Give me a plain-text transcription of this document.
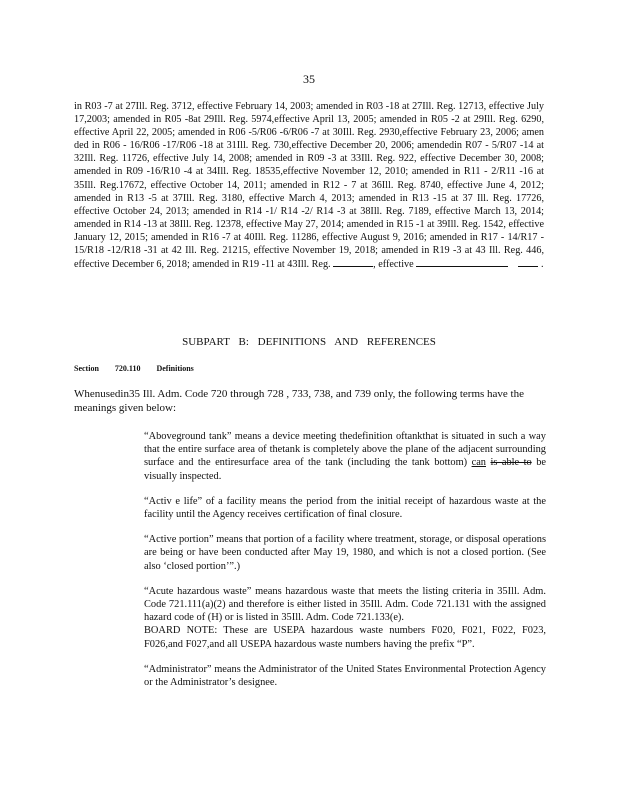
35
in R03 -7 at 27Ill. Reg. 3712, effective February 14, 2003; amended in R03 -18 at 27Ill. Reg. 12713, effective July 17,2003; amended in R05 -8at 29Ill. Reg. 5974,effective April 13, 2005; amended in R05 -2 at 29Ill. Reg. 6290, effective April 22, 2005; amended in R06 -5/R06 -6/R06 -7 at 30Ill. Reg. 2930,effective February 23, 2006; amen ded in R06 - 16/R06 -17/R06 -18 at 31Ill. Reg. 730,effective December 20, 2006; amendedin R07 - 5/R07 -14 at 32Ill. Reg. 11726, effective July 14, 2008; amended in R09 -3 at 33Ill. Reg. 922, effective December 30, 2008; amended in R09 -16/R10 -4 at 34Ill. Reg. 18535,effective November 12, 2010; amended in R11 - 2/R11 -16 at 35Ill. Reg.17672, effective October 14, 2011; amended in R12 - 7 at 36Ill. Reg. 8740, effective June 4, 2012; amended in R13 -5 at 37Ill. Reg. 3180, effective March 4, 2013; amended in R13 -15 at 37 Ill. Reg. 17726, effective October 24, 2013; amended in R14 -1/ R14 -2/ R14 -3 at 38Ill. Reg. 7189, effective March 13, 2014; amended in R14 -13 at 38Ill. Reg. 12378, effective May 27, 2014; amended in R15 -1 at 39Ill. Reg. 1542, effective January 12, 2015; amended in R16 -7 at 40Ill. Reg. 11286, effective August 9, 2016; amended in R17 - 14/R17 - 15/R18 -12/R18 -31 at 42 Ill. Reg. 21215, effective November 19, 2018; amended in R19 -3 at 43 Ill. Reg. 446, effective December 6, 2018; amended in R19 -11 at 43Ill. Reg.	, effective	.
SUBPART B: DEFINITIONS AND REFERENCES
Section 720.110 Definitions
Whenusedin35 Ill. Adm. Code 720 through 728 , 733, 738, and 739 only, the following terms have the meanings given below:
“Aboveground tank” means a device meeting thedefinition oftankthat is situated in such a way that the entire surface area of thetank is completely above the plane of the adjacent surrounding surface and the entiresurface area of the tank (including the tank bottom) can is able to be visually inspected.
“Activ e life” of a facility means the period from the initial receipt of hazardous waste at the facility until the Agency receives certification of final closure.
“Active portion” means that portion of a facility where treatment, storage, or disposal operations are being or have been conducted after May 19, 1980, and which is not a closed portion. (See also ‘closed portion’”.)

“Acute hazardous waste” means hazardous waste that meets the listing criteria in 35Ill. Adm. Code 721.111(a)(2) and therefore is either listed in 35Ill. Adm. Code 721.131 with the assigned hazard code of (H) or is listed in 35Ill. Adm. Code 721.133(e).

BOARD NOTE: These are USEPA hazardous waste numbers F020, F021, F022, F023, F026,and F027,and all USEPA hazardous waste numbers having the prefix “P”.

“Administrator” means the Administrator of the United States Environmental Protection Agency or the Administrator’s designee.
